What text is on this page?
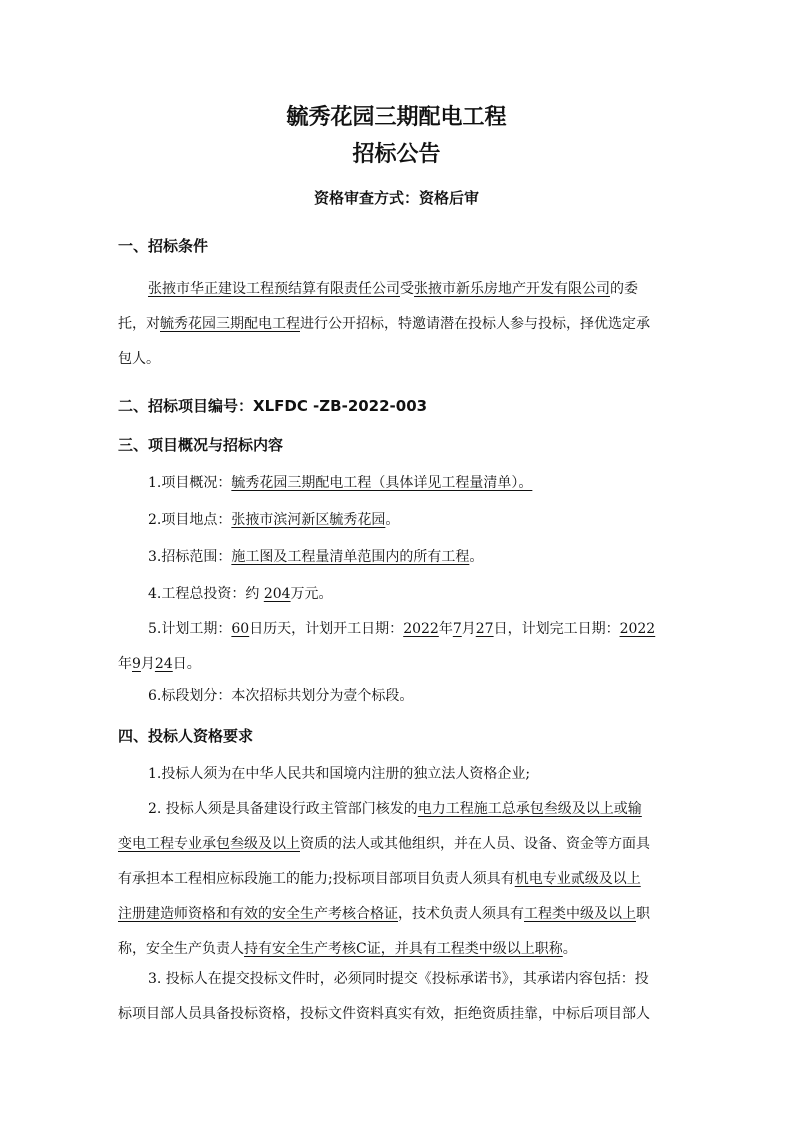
毓秀花园三期配电工程
招标公告
资格审查方式：资格后审
一、招标条件
张掖市华正建设工程预结算有限责任公司受张掖市新乐房地产开发有限公司的委
托，对毓秀花园三期配电工程进行公开招标，特邀请潜在投标人参与投标，择优选定承
包人。
二、招标项目编号：XLFDC -ZB-2022-003
三、项目概况与招标内容
1.项目概况：毓秀花园三期配电工程（具体详见工程量清单）。
2.项目地点：张掖市滨河新区毓秀花园。
3.招标范围：施工图及工程量清单范围内的所有工程。
4.工程总投资：约 204万元。
5.计划工期：60日历天，计划开工日期：2022年7月27日，计划完工日期：2022
年9月24日。
6.标段划分：本次招标共划分为壹个标段。
四、投标人资格要求
1.投标人须为在中华人民共和国境内注册的独立法人资格企业;
2. 投标人须是具备建设行政主管部门核发的电力工程施工总承包叁级及以上或输
变电工程专业承包叁级及以上资质的法人或其他组织，并在人员、设备、资金等方面具
有承担本工程相应标段施工的能力;投标项目部项目负责人须具有机电专业贰级及以上
注册建造师资格和有效的安全生产考核合格证，技术负责人须具有工程类中级及以上职
称，安全生产负责人持有安全生产考核C证，并具有工程类中级以上职称。
3. 投标人在提交投标文件时，必须同时提交《投标承诺书》，其承诺内容包括：投
标项目部人员具备投标资格，投标文件资料真实有效，拒绝资质挂靠，中标后项目部人
